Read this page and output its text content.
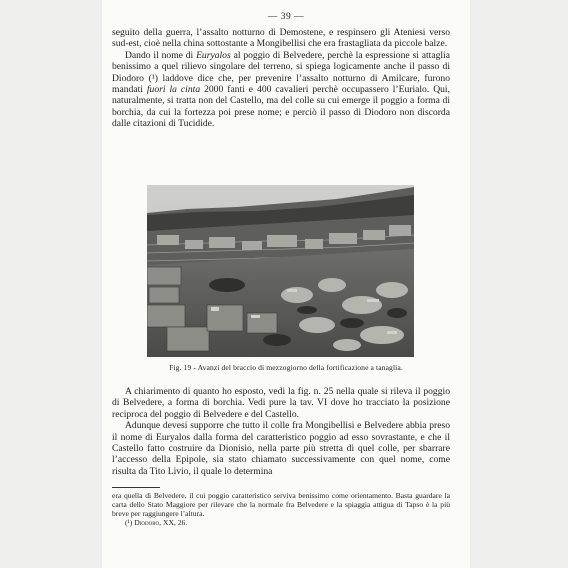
— 39 —

seguito della guerra, l’assalto notturno di Demostene, e respinsero gli Ateniesi verso sud-est, cioè nella china sottostante a Mongibellisi che era frastagliata da piccole balze.

Dando il nome di Euryalos al poggio di Belvedere, perchè la espressione si attaglia benissimo a quel rilievo singolare del terreno, si spiega logicamente anche il passo di Diodoro (¹) laddove dice che, per prevenire l’assalto notturno di Amilcare, furono mandati fuori la cinta 2000 fanti e 400 cavalieri perchè occupassero l’Eurialo. Qui, naturalmente, si tratta non del Castello, ma del colle su cui emerge il poggio a forma di borchia, da cui la fortezza poi prese nome; e perciò il passo di Diodoro non discorda dalle citazioni di Tucidide.

Fig. 19 - Avanzi del braccio di mezzogiorno della fortificazione a tanaglia.

A chiarimento di quanto ho esposto, vedi la fig. n. 25 nella quale si rileva il poggio di Belvedere, a forma di borchia. Vedi pure la tav. VI dove ho tracciato la posizione reciproca del poggio di Belvedere e del Castello.

Adunque devesi supporre che tutto il colle fra Mongibellisi e Belvedere abbia preso il nome di Euryalos dalla forma del caratteristico poggio ad esso sovrastante, e che il Castello fatto costruire da Dionisio, nella parte più stretta di quel colle, per sbarrare l’accesso della Epipole, sia stato chiamato successivamente con quel nome, come risulta da Tito Livio, il quale lo determina

era quella di Belvedere, il cui poggio caratteristico serviva benissimo come orientamento. Basta guardare la carta dello Stato Maggiore per rilevare che la normale fra Belvedere e la spiaggia attigua di Tapso è la più breve per raggiungere l’altura.

(¹) Diodoro, XX, 26.
